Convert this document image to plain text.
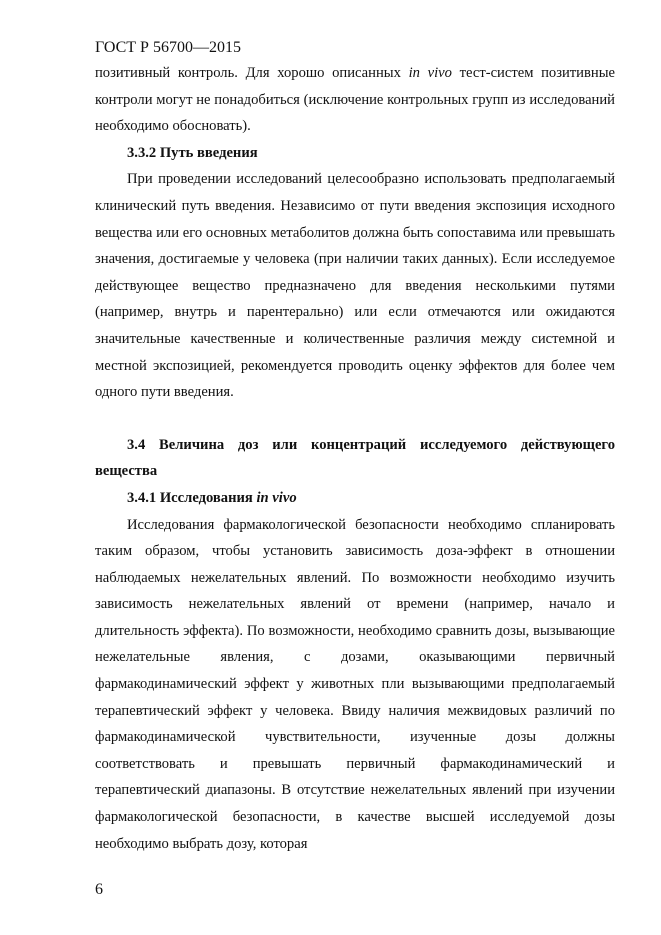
ГОСТ Р 56700—2015

позитивный контроль. Для хорошо описанных in vivo тест-систем позитивные контроли могут не понадобиться (исключение контрольных групп из исследований необходимо обосновать).

3.3.2 Путь введения

При проведении исследований целесообразно использовать предполагаемый клинический путь введения. Независимо от пути введения экспозиция исходного вещества или его основных метаболитов должна быть сопоставима или превышать значения, достигаемые у человека (при наличии таких данных). Если исследуемое действующее вещество предназначено для введения несколькими путями (например, внутрь и парентерально) или если отмечаются или ожидаются значительные качественные и количественные различия между системной и местной экспозицией, рекомендуется проводить оценку эффектов для более чем одного пути введения.

3.4 Величина доз или концентраций исследуемого действующего вещества

3.4.1 Исследования in vivo

Исследования фармакологической безопасности необходимо спланировать таким образом, чтобы установить зависимость доза-эффект в отношении наблюдаемых нежелательных явлений. По возможности необходимо изучить зависимость нежелательных явлений от времени (например, начало и длительность эффекта). По возможности, необходимо сравнить дозы, вызывающие нежелательные явления, с дозами, оказывающими первичный фармакодинамический эффект у животных пли вызывающими предполагаемый терапевтический эффект у человека. Ввиду наличия межвидовых различий по фармакодинамической чувствительности, изученные дозы должны соответствовать и превышать первичный фармакодинамический и терапевтический диапазоны. В отсутствие нежелательных явлений при изучении фармакологической безопасности, в качестве высшей исследуемой дозы необходимо выбрать дозу, которая

6
